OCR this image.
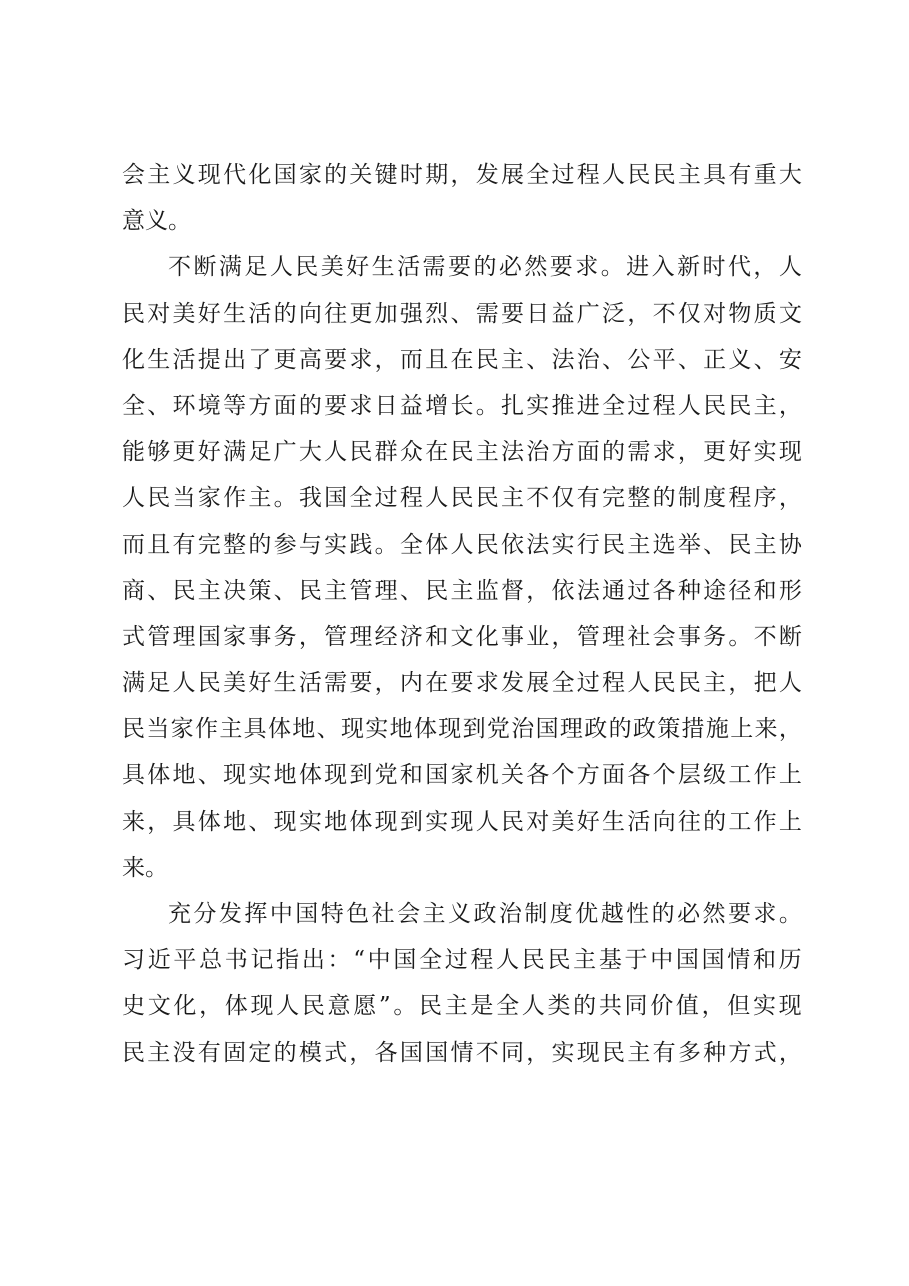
会 主 义 现 代 化 国 家 的 关 键 时 期 ， 发 展 全 过 程 人 民 民 主 具 有 重 大
意 义 。
不 断 满 足 人 民 美 好 生 活 需 要 的 必 然 要 求 。 进 入 新 时 代 ， 人
民 对 美 好 生 活 的 向 往 更 加 强 烈 、 需 要 日 益 广 泛 ， 不 仅 对 物 质 文
化 生 活 提 出 了 更 高 要 求 ， 而 且 在 民 主 、 法 治 、 公 平 、 正 义 、 安
全 、 环 境 等 方 面 的 要 求 日 益 增 长 。 扎 实 推 进 全 过 程 人 民 民 主 ，
能 够 更 好 满 足 广 大 人 民 群 众 在 民 主 法 治 方 面 的 需 求 ， 更 好 实 现
人 民 当 家 作 主 。 我 国 全 过 程 人 民 民 主 不 仅 有 完 整 的 制 度 程 序 ，
而 且 有 完 整 的 参 与 实 践 。 全 体 人 民 依 法 实 行 民 主 选 举 、 民 主 协
商 、 民 主 决 策 、 民 主 管 理 、 民 主 监 督 ， 依 法 通 过 各 种 途 径 和 形
式 管 理 国 家 事 务 ， 管 理 经 济 和 文 化 事 业 ， 管 理 社 会 事 务 。 不 断
满 足 人 民 美 好 生 活 需 要 ， 内 在 要 求 发 展 全 过 程 人 民 民 主 ， 把 人
民 当 家 作 主 具 体 地 、 现 实 地 体 现 到 党 治 国 理 政 的 政 策 措 施 上 来 ，
具 体 地 、 现 实 地 体 现 到 党 和 国 家 机 关 各 个 方 面 各 个 层 级 工 作 上
来 ， 具 体 地 、 现 实 地 体 现 到 实 现 人 民 对 美 好 生 活 向 往 的 工 作 上
来 。
充 分 发 挥 中 国 特 色 社 会 主 义 政 治 制 度 优 越 性 的 必 然 要 求 。
习 近 平 总 书 记 指 出 ： “ 中 国 全 过 程 人 民 民 主 基 于 中 国 国 情 和 历
史 文 化 ， 体 现 人 民 意 愿 ” 。 民 主 是 全 人 类 的 共 同 价 值 ， 但 实 现
民 主 没 有 固 定 的 模 式 ， 各 国 国 情 不 同 ， 实 现 民 主 有 多 种 方 式 ，
